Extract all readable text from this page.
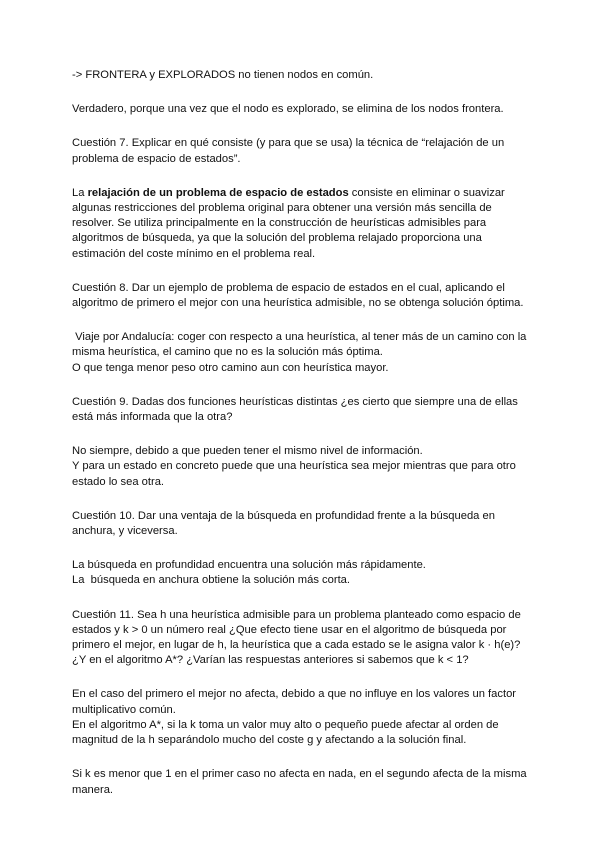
-> FRONTERA y EXPLORADOS no tienen nodos en común.

Verdadero, porque una vez que el nodo es explorado, se elimina de los nodos frontera.

Cuestión 7. Explicar en qué consiste (y para que se usa) la técnica de “relajación de un
problema de espacio de estados”.

La relajación de un problema de espacio de estados consiste en eliminar o suavizar
algunas restricciones del problema original para obtener una versión más sencilla de
resolver. Se utiliza principalmente en la construcción de heurísticas admisibles para
algoritmos de búsqueda, ya que la solución del problema relajado proporciona una
estimación del coste mínimo en el problema real.

Cuestión 8. Dar un ejemplo de problema de espacio de estados en el cual, aplicando el
algoritmo de primero el mejor con una heurística admisible, no se obtenga solución óptima.

Viaje por Andalucía: coger con respecto a una heurística, al tener más de un camino con la
misma heurística, el camino que no es la solución más óptima.
O que tenga menor peso otro camino aun con heurística mayor.

Cuestión 9. Dadas dos funciones heurísticas distintas ¿es cierto que siempre una de ellas
está más informada que la otra?

No siempre, debido a que pueden tener el mismo nivel de información.
Y para un estado en concreto puede que una heurística sea mejor mientras que para otro
estado lo sea otra.

Cuestión 10. Dar una ventaja de la búsqueda en profundidad frente a la búsqueda en
anchura, y viceversa.

La búsqueda en profundidad encuentra una solución más rápidamente.
La  búsqueda en anchura obtiene la solución más corta.

Cuestión 11. Sea h una heurística admisible para un problema planteado como espacio de
estados y k > 0 un número real ¿Que efecto tiene usar en el algoritmo de búsqueda por
primero el mejor, en lugar de h, la heurística que a cada estado se le asigna valor k · h(e)?
¿Y en el algoritmo A*? ¿Varían las respuestas anteriores si sabemos que k < 1?

En el caso del primero el mejor no afecta, debido a que no influye en los valores un factor
multiplicativo común.
En el algoritmo A*, si la k toma un valor muy alto o pequeño puede afectar al orden de
magnitud de la h separándolo mucho del coste g y afectando a la solución final.

Si k es menor que 1 en el primer caso no afecta en nada, en el segundo afecta de la misma
manera.
